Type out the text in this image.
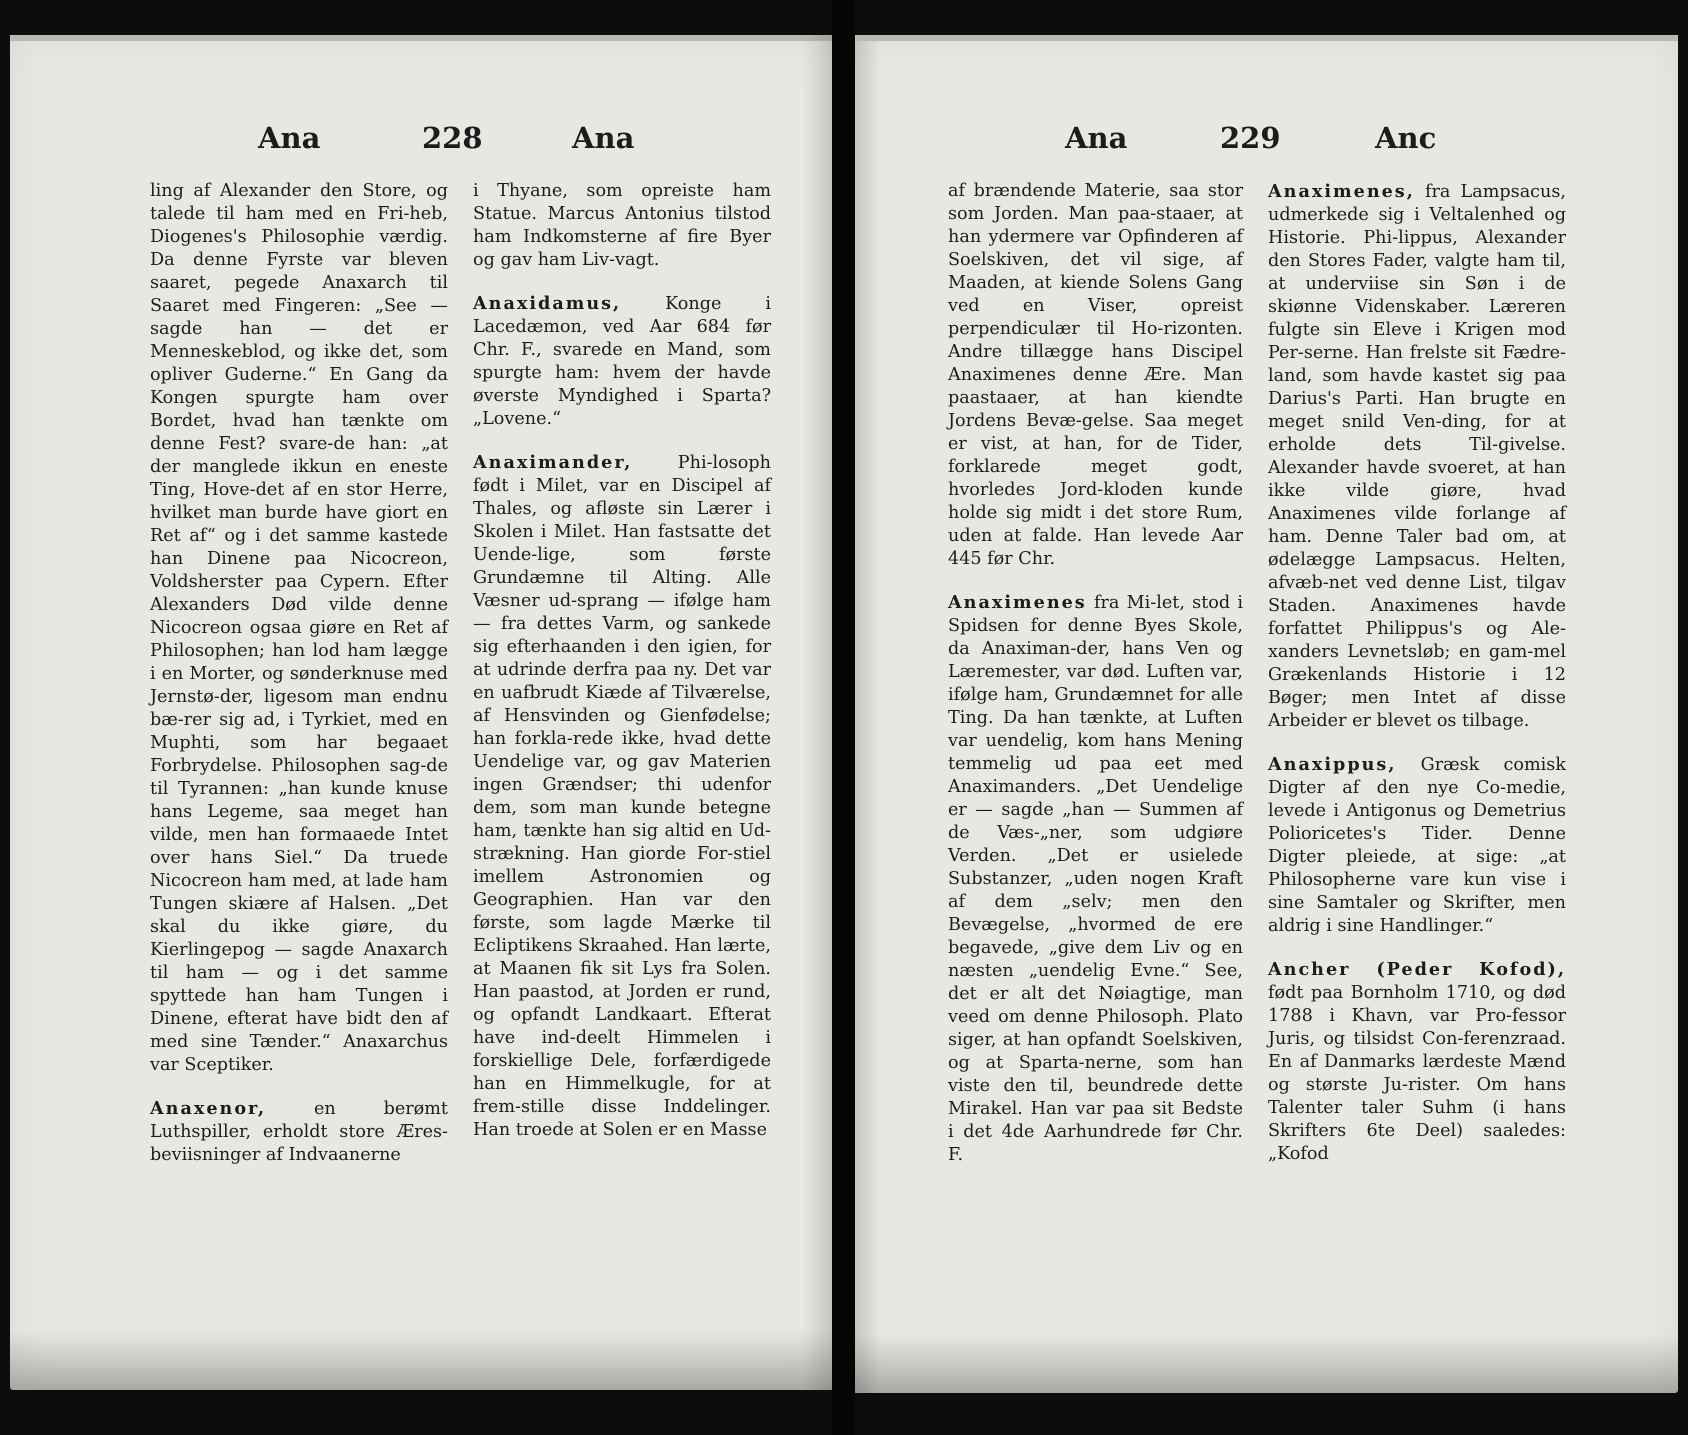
Ana	228	Ana

ling af Alexander den Store, og talede til ham med en Fri-heb, Diogenes's Philosophie værdig. Da denne Fyrste var bleven saaret, pegede Anaxarch til Saaret med Fingeren: „See — sagde han — det er Menneskeblod, og ikke det, som opliver Guderne.“ En Gang da Kongen spurgte ham over Bordet, hvad han tænkte om denne Fest? svare-de han: „at der manglede ikkun en eneste Ting, Hove-det af en stor Herre, hvilket man burde have giort en Ret af“ og i det samme kastede han Dinene paa Nicocreon, Voldsherster paa Cypern. Efter Alexanders Død vilde denne Nicocreon ogsaa giøre en Ret af Philosophen; han lod ham lægge i en Morter, og sønderknuse med Jernstø-der, ligesom man endnu bæ-rer sig ad, i Tyrkiet, med en Muphti, som har begaaet Forbrydelse. Philosophen sag-de til Tyrannen: „han kunde knuse hans Legeme, saa meget han vilde, men han formaaede Intet over hans Siel.“ Da truede Nicocreon ham med, at lade ham Tungen skiære af Halsen. „Det skal du ikke giøre, du Kierlingepog — sagde Anaxarch til ham — og i det samme spyttede han ham Tungen i Dinene, efterat have bidt den af med sine Tænder.“ Anaxarchus var Sceptiker.

Anaxenor, en berømt Luthspiller, erholdt store Æres-beviisninger af Indvaanerne

i Thyane, som opreiste ham Statue. Marcus Antonius tilstod ham Indkomsterne af fire Byer og gav ham Liv-vagt.

Anaxidamus, Konge i Lacedæmon, ved Aar 684 før Chr. F., svarede en Mand, som spurgte ham: hvem der havde øverste Myndighed i Sparta? „Lovene.“

Anaximander, Phi-losoph født i Milet, var en Discipel af Thales, og afløste sin Lærer i Skolen i Milet. Han fastsatte det Uende-lige, som første Grundæmne til Alting. Alle Væsner ud-sprang — ifølge ham — fra dettes Varm, og sankede sig efterhaanden i den igien, for at udrinde derfra paa ny. Det var en uafbrudt Kiæde af Tilværelse, af Hensvinden og Gienfødelse; han forkla-rede ikke, hvad dette Uendelige var, og gav Materien ingen Grændser; thi udenfor dem, som man kunde betegne ham, tænkte han sig altid en Ud-strækning. Han giorde For-stiel imellem Astronomien og Geographien. Han var den første, som lagde Mærke til Ecliptikens Skraahed. Han lærte, at Maanen fik sit Lys fra Solen. Han paastod, at Jorden er rund, og opfandt Landkaart. Efterat have ind-deelt Himmelen i forskiellige Dele, forfærdigede han en Himmelkugle, for at frem-stille disse Inddelinger. Han troede at Solen er en Masse

Ana	229	Anc

af brændende Materie, saa stor som Jorden. Man paa-staaer, at han ydermere var Opfinderen af Soelskiven, det vil sige, af Maaden, at kiende Solens Gang ved en Viser, opreist perpendiculær til Ho-rizonten. Andre tillægge hans Discipel Anaximenes denne Ære. Man paastaaer, at han kiendte Jordens Bevæ-gelse. Saa meget er vist, at han, for de Tider, forklarede meget godt, hvorledes Jord-kloden kunde holde sig midt i det store Rum, uden at falde. Han levede Aar 445 før Chr.

Anaximenes fra Mi-let, stod i Spidsen for denne Byes Skole, da Anaximan-der, hans Ven og Læremester, var død. Luften var, ifølge ham, Grundæmnet for alle Ting. Da han tænkte, at Luften var uendelig, kom hans Mening temmelig ud paa eet med Anaximanders. „Det Uendelige er — sagde „han — Summen af de Væs-„ner, som udgiøre Verden. „Det er usielede Substanzer, „uden nogen Kraft af dem „selv; men den Bevægelse, „hvormed de ere begavede, „give dem Liv og en næsten „uendelig Evne.“ See, det er alt det Nøiagtige, man veed om denne Philosoph. Plato siger, at han opfandt Soelskiven, og at Sparta-nerne, som han viste den til, beundrede dette Mirakel. Han var paa sit Bedste i det 4de Aarhundrede før Chr. F.

Anaximenes, fra Lampsacus, udmerkede sig i Veltalenhed og Historie. Phi-lippus, Alexander den Stores Fader, valgte ham til, at underviise sin Søn i de skiønne Videnskaber. Læreren fulgte sin Eleve i Krigen mod Per-serne. Han frelste sit Fædre-land, som havde kastet sig paa Darius's Parti. Han brugte en meget snild Ven-ding, for at erholde dets Til-givelse. Alexander havde svoeret, at han ikke vilde giøre, hvad Anaximenes vilde forlange af ham. Denne Taler bad om, at ødelægge Lampsacus. Helten, afvæb-net ved denne List, tilgav Staden. Anaximenes havde forfattet Philippus's og Ale-xanders Levnetsløb; en gam-mel Grækenlands Historie i 12 Bøger; men Intet af disse Arbeider er blevet os tilbage.

Anaxippus, Græsk comisk Digter af den nye Co-medie, levede i Antigonus og Demetrius Polioricetes's Tider. Denne Digter pleiede, at sige: „at Philosopherne vare kun vise i sine Samtaler og Skrifter, men aldrig i sine Handlinger.“

Ancher (Peder Kofod), født paa Bornholm 1710, og død 1788 i Khavn, var Pro-fessor Juris, og tilsidst Con-ferenzraad. En af Danmarks lærdeste Mænd og største Ju-rister. Om hans Talenter taler Suhm (i hans Skrifters 6te Deel) saaledes: „Kofod
